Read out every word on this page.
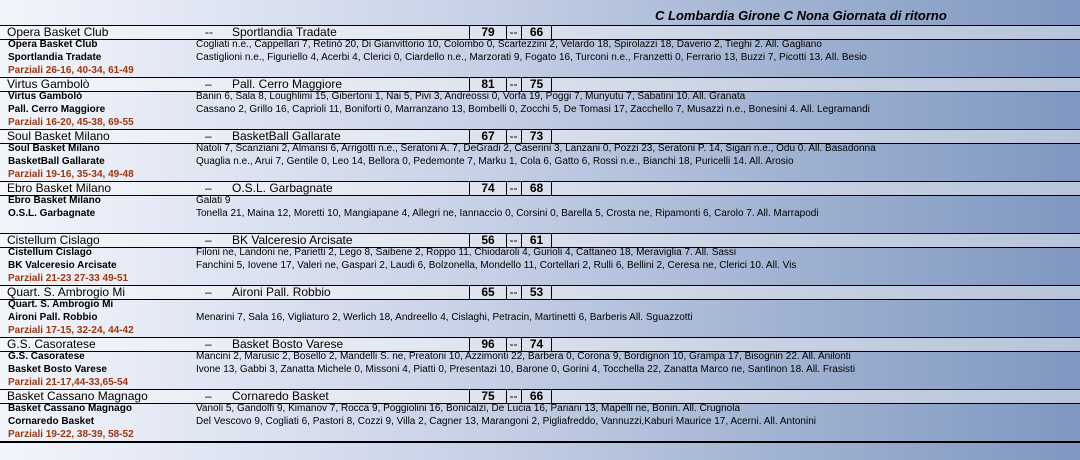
C Lombardia Girone C Nona Giornata di ritorno
Opera Basket Club	-- Sportlandia Tradate	79	--	66
Opera Basket Club	Cogliati n.e., Cappellari 7, Retinò 20, Di Gianvittorio 10, Colombo 0, Scartezzini 2, Velardo 18, Spirolazzi 18, Daverio 2, Tieghi 2. All. Gagliano
Sportlandia Tradate	Castiglioni n.e., Figuriello 4, Acerbi 4, Clerici 0, Ciardello n.e., Marzorati 9, Fogato 16, Turconi n.e., Franzetti 0, Ferrario 13, Buzzi 7, Picotti 13. All. Besio
Parziali 26-16, 40-34, 61-49
Virtus Gambolò	– Pall. Cerro Maggiore	81	--	75
Virtus Gambolò	Banin 6, Sala 8, Loughlimi 15, Gibertoni 1, Nai 5, Pivi 3, Andreossi 0, Vorfa 19, Poggi 7, Munyutu 7, Sabatini 10. All. Granata
Pall. Cerro Maggiore	Cassano 2, Grillo 16, Caprioli 11, Boniforti 0, Marranzano 13, Bombelli 0, Zocchi 5, De Tomasi 17, Zacchello 7, Musazzi n.e., Bonesini 4. All. Legramandi
Parziali 16-20, 45-38, 69-55
Soul Basket Milano	– BasketBall Gallarate	67	--	73
Soul Basket Milano	Natoli 7, Scanziani 2, Almansi 6, Arrigotti n.e., Seratoni A. 7, DeGradi 2, Caserini 3, Lanzani 0, Pozzi 23, Seratoni P. 14, Sigari n.e., Odu 0. All. Basadonna
BasketBall Gallarate	Quaglia n.e., Arui 7, Gentile 0, Leo 14, Bellora 0, Pedemonte 7, Marku 1, Cola 6, Gatto 6, Rossi n.e., Bianchi 18, Puricelli 14. All. Arosio
Parziali 19-16, 35-34, 49-48
Ebro Basket Milano	– O.S.L. Garbagnate	74	--	68
Ebro Basket Milano	Galati 9
O.S.L. Garbagnate	Tonella 21, Maina 12, Moretti 10, Mangiapane 4, Allegri ne, Iannaccio 0, Corsini 0, Barella 5, Crosta ne, Ripamonti 6, Carolo 7. All. Marrapodi
Cistellum Cislago	– BK Valceresio Arcisate	56	--	61
Cistellum Cislago	Filoni ne, Landoni ne, Parietti 2, Lego 8, Saibene 2, Roppo 11, Chiodaroli 4, Gurioli 4, Cattaneo 18, Meraviglia 7. All. Sassi
BK Valceresio Arcisate	Fanchini 5, Iovene 17, Valeri ne, Gaspari 2, Laudi 6, Bolzonella, Mondello 11, Cortellari 2, Rulli 6, Bellini 2, Ceresa ne, Clerici 10. All. Vis
Parziali 21-23 27-33 49-51
Quart. S. Ambrogio Mi	– Aironi Pall. Robbio	65	--	53
Quart. S. Ambrogio Mi
Aironi Pall. Robbio	Menarini 7, Sala 16, Vigliaturo 2, Werlich 18, Andreello 4, Cislaghi, Petracin, Martinetti 6, Barberis All. Sguazzotti
Parziali 17-15, 32-24, 44-42
G.S. Casoratese	– Basket Bosto Varese	96	--	74
G.S. Casoratese	Mancini 2, Marusic 2, Bosello 2, Mandelli S. ne, Preatoni 10, Azzimonti 22, Barbera 0, Corona 9, Bordignon 10, Grampa 17, Bisognin 22. All. Anilonti
Basket Bosto Varese	Ivone 13, Gabbi 3, Zanatta Michele 0, Missoni 4, Piatti 0, Presentazi 10, Barone 0, Gorini 4, Tocchella 22, Zanatta Marco ne, Santinon 18. All. Frasisti
Parziali 21-17,44-33,65-54
Basket Cassano Magnago	– Cornaredo Basket	75	--	66
Basket Cassano Magnago	Vanoli 5, Gandolfi 9, Kimanov 7, Rocca 9, Poggiolini 16, Bonicalzi, De Lucia 16, Pariani 13, Mapelli ne, Bonin. All. Crugnola
Cornaredo Basket	Del Vescovo 9, Cogliati 6, Pastori 8, Cozzi 9, Villa 2, Cagner 13, Marangoni 2, Pigliafreddo, Vannuzzi,Kaburi Maurice 17, Acerni. All. Antonini
Parziali 19-22, 38-39, 58-52
